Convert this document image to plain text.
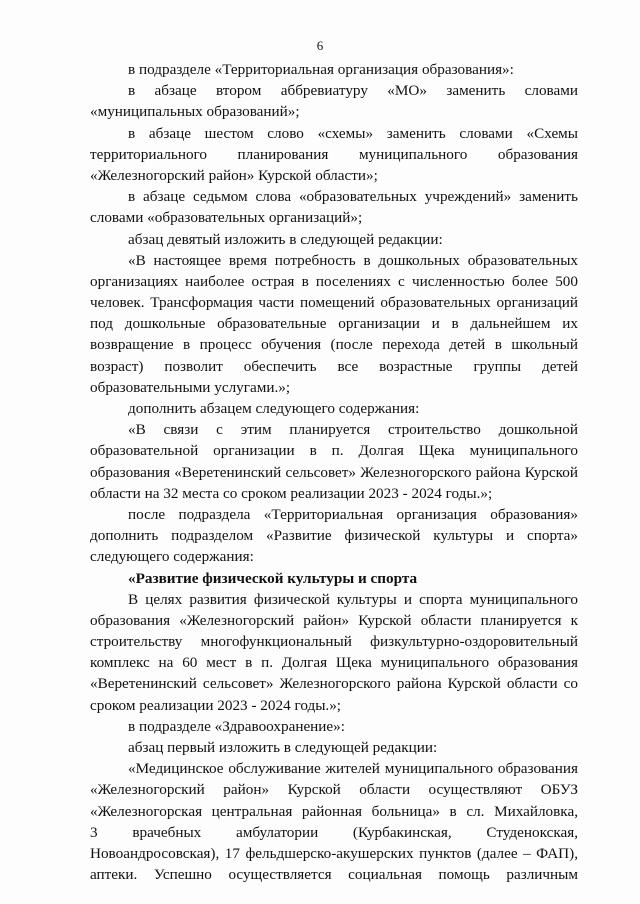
6
в подразделе «Территориальная организация образования»:
в абзаце втором аббревиатуру «МО» заменить словами
«муниципальных образований»;
в абзаце шестом слово «схемы» заменить словами «Схемы
территориального планирования муниципального образования
«Железногорский район» Курской области»;
в абзаце седьмом слова «образовательных учреждений» заменить
словами «образовательных организаций»;
абзац девятый изложить в следующей редакции:
«В настоящее время потребность в дошкольных образовательных
организациях наиболее острая в поселениях с численностью более 500
человек. Трансформация части помещений образовательных организаций
под дошкольные образовательные организации и в дальнейшем их
возвращение в процесс обучения (после перехода детей в школьный
возраст) позволит обеспечить все возрастные группы детей
образовательными услугами.»;
дополнить абзацем следующего содержания:
«В связи с этим планируется строительство дошкольной
образовательной организации в п. Долгая Щека муниципального
образования «Веретенинский сельсовет» Железногорского района Курской
области на 32 места со сроком реализации 2023 - 2024 годы.»;
после подраздела «Территориальная организация образования»
дополнить подразделом «Развитие физической культуры и спорта»
следующего содержания:
«Развитие физической культуры и спорта
В целях развития физической культуры и спорта муниципального
образования «Железногорский район» Курской области планируется к
строительству многофункциональный физкультурно-оздоровительный
комплекс на 60 мест в п. Долгая Щека муниципального образования
«Веретенинский сельсовет» Железногорского района Курской области со
сроком реализации 2023 - 2024 годы.»;
в подразделе «Здравоохранение»:
абзац первый изложить в следующей редакции:
«Медицинское обслуживание жителей муниципального образования
«Железногорский район» Курской области осуществляют ОБУЗ
«Железногорская центральная районная больница» в сл. Михайловка,
3 врачебных амбулатории (Курбакинская, Студенокская,
Новоандросовская), 17 фельдшерско-акушерских пунктов (далее – ФАП),
аптеки. Успешно осуществляется социальная помощь различным
